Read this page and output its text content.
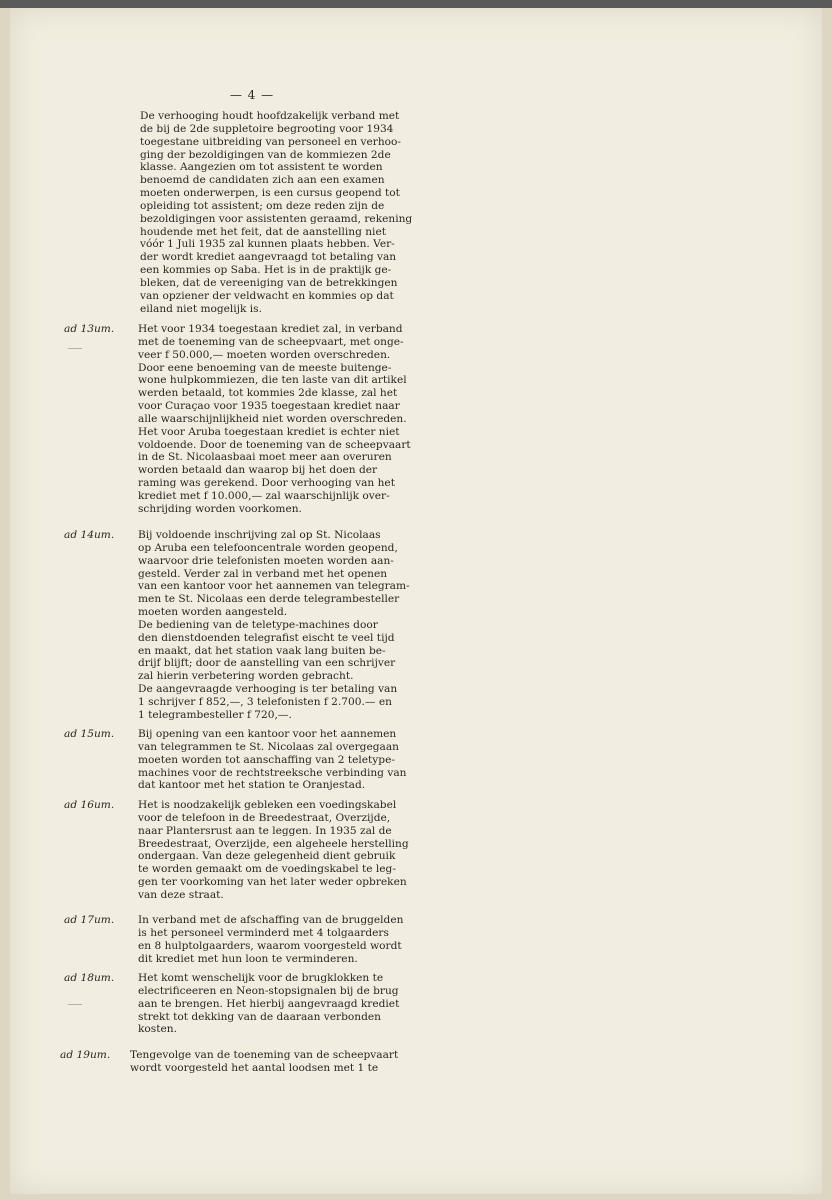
— 4 —
De verhooging houdt hoofdzakelijk verband met
de bij de 2de suppletoire begrooting voor 1934
toegestane uitbreiding van personeel en verhoo-
ging der bezoldigingen van de kommiezen 2de
klasse. Aangezien om tot assistent te worden
benoemd de candidaten zich aan een examen
moeten onderwerpen, is een cursus geopend tot
opleiding tot assistent; om deze reden zijn de
bezoldigingen voor assistenten geraamd, rekening
houdende met het feit, dat de aanstelling niet
vóór 1 Juli 1935 zal kunnen plaats hebben. Ver-
der wordt krediet aangevraagd tot betaling van
een kommies op Saba. Het is in de praktijk ge-
bleken, dat de vereeniging van de betrekkingen
van opziener der veldwacht en kommies op dat
eiland niet mogelijk is.
ad 13um. Het voor 1934 toegestaan krediet zal, in verband
met de toeneming van de scheepvaart, met onge-
veer f 50.000,— moeten worden overschreden.
Door eene benoeming van de meeste buitenge-
wone hulpkommiezen, die ten laste van dit artikel
werden betaald, tot kommies 2de klasse, zal het
voor Curaçao voor 1935 toegestaan krediet naar
alle waarschijnlijkheid niet worden overschreden.
Het voor Aruba toegestaan krediet is echter niet
voldoende. Door de toeneming van de scheepvaart
in de St. Nicolaasbaai moet meer aan overuren
worden betaald dan waarop bij het doen der
raming was gerekend. Door verhooging van het
krediet met f 10.000,— zal waarschijnlijk over-
schrijding worden voorkomen.
ad 14um. Bij voldoende inschrijving zal op St. Nicolaas
op Aruba een telefooncentrale worden geopend,
waarvoor drie telefonisten moeten worden aan-
gesteld. Verder zal in verband met het openen
van een kantoor voor het aannemen van telegram-
men te St. Nicolaas een derde telegrambesteller
moeten worden aangesteld.
De bediening van de teletype-machines door
den dienstdoenden telegrafist eischt te veel tijd
en maakt, dat het station vaak lang buiten be-
drijf blijft; door de aanstelling van een schrijver
zal hierin verbetering worden gebracht.
De aangevraagde verhooging is ter betaling van
1 schrijver f 852,—, 3 telefonisten f 2.700.— en
1 telegrambesteller f 720,—.
ad 15um. Bij opening van een kantoor voor het aannemen
van telegrammen te St. Nicolaas zal overgegaan
moeten worden tot aanschaffing van 2 teletype-
machines voor de rechtstreeksche verbinding van
dat kantoor met het station te Oranjestad.
ad 16um. Het is noodzakelijk gebleken een voedingskabel
voor de telefoon in de Breedestraat, Overzijde,
naar Plantersrust aan te leggen. In 1935 zal de
Breedestraat, Overzijde, een algeheele herstelling
ondergaan. Van deze gelegenheid dient gebruik
te worden gemaakt om de voedingskabel te leg-
gen ter voorkoming van het later weder opbreken
van deze straat.
ad 17um. In verband met de afschaffing van de bruggelden
is het personeel verminderd met 4 tolgaarders
en 8 hulptolgaarders, waarom voorgesteld wordt
dit krediet met hun loon te verminderen.
ad 18um. Het komt wenschelijk voor de brugklokken te
electrificeeren en Neon-stopsignalen bij de brug
aan te brengen. Het hierbij aangevraagd krediet
strekt tot dekking van de daaraan verbonden
kosten.
ad 19um. Tengevolge van de toeneming van de scheepvaart
wordt voorgesteld het aantal loodsen met 1 te
